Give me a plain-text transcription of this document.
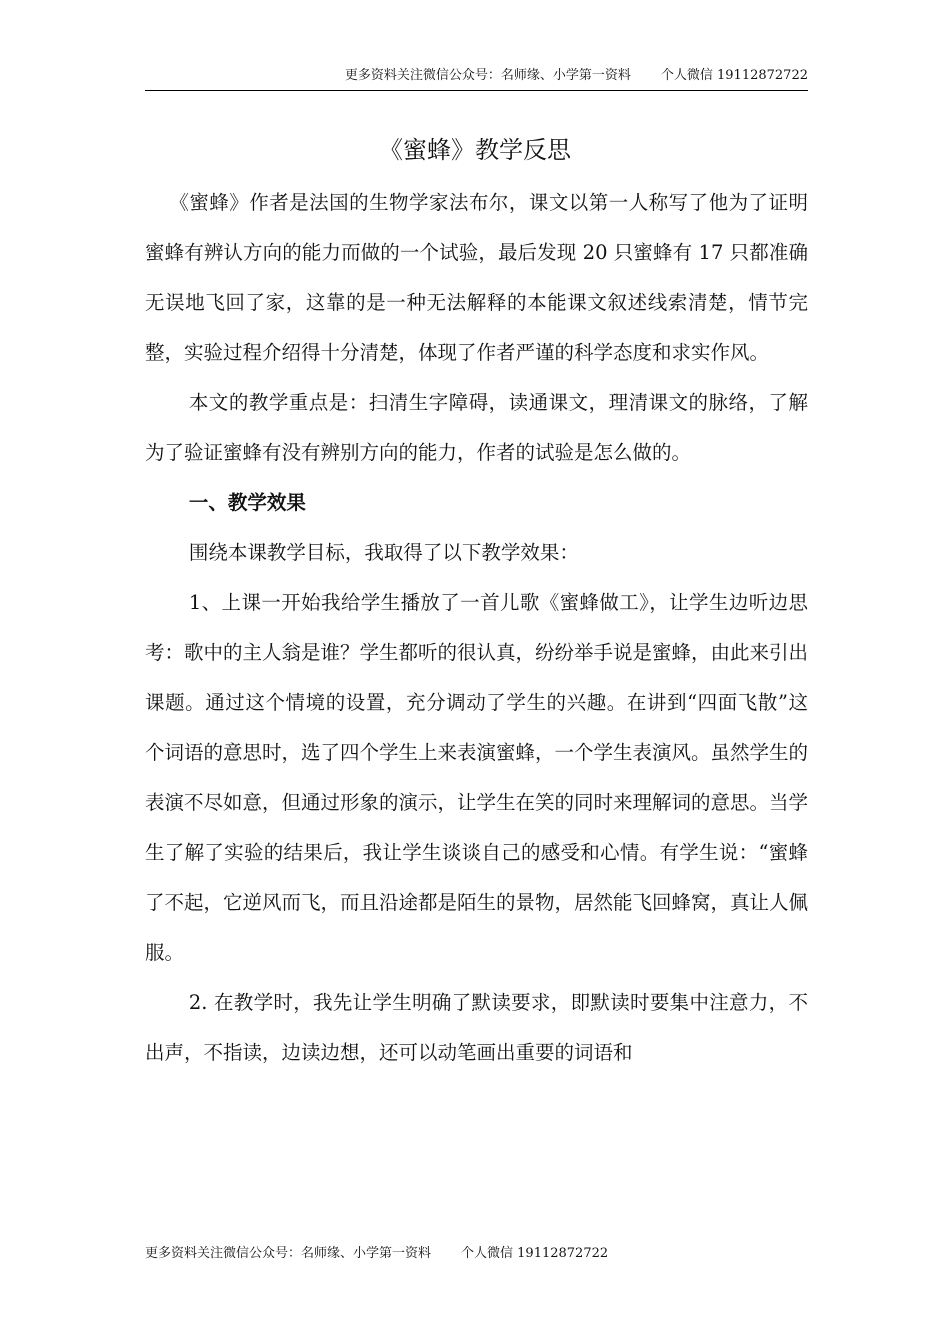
更多资料关注微信公众号：名师缘、小学第一资料 个人微信 19112872722
《蜜蜂》教学反思

《蜜蜂》作者是法国的生物学家法布尔，课文以第一人称写了他为了证明蜜蜂有辨认方向的能力而做的一个试验，最后发现 20 只蜜蜂有 17 只都准确无误地飞回了家，这靠的是一种无法解释的本能课文叙述线索清楚，情节完整，实验过程介绍得十分清楚，体现了作者严谨的科学态度和求实作风。

本文的教学重点是：扫清生字障碍，读通课文，理清课文的脉络，了解为了验证蜜蜂有没有辨别方向的能力，作者的试验是怎么做的。

一、教学效果

围绕本课教学目标，我取得了以下教学效果：

1、上课一开始我给学生播放了一首儿歌《蜜蜂做工》，让学生边听边思考：歌中的主人翁是谁？学生都听的很认真，纷纷举手说是蜜蜂，由此来引出课题。通过这个情境的设置，充分调动了学生的兴趣。在讲到“四面飞散”这个词语的意思时，选了四个学生上来表演蜜蜂，一个学生表演风。虽然学生的表演不尽如意，但通过形象的演示，让学生在笑的同时来理解词的意思。当学生了解了实验的结果后，我让学生谈谈自己的感受和心情。有学生说：“蜜蜂了不起，它逆风而飞，而且沿途都是陌生的景物，居然能飞回蜂窝，真让人佩服。

2. 在教学时，我先让学生明确了默读要求，即默读时要集中注意力，不出声，不指读，边读边想，还可以动笔画出重要的词语和

更多资料关注微信公众号：名师缘、小学第一资料 个人微信 19112872722
